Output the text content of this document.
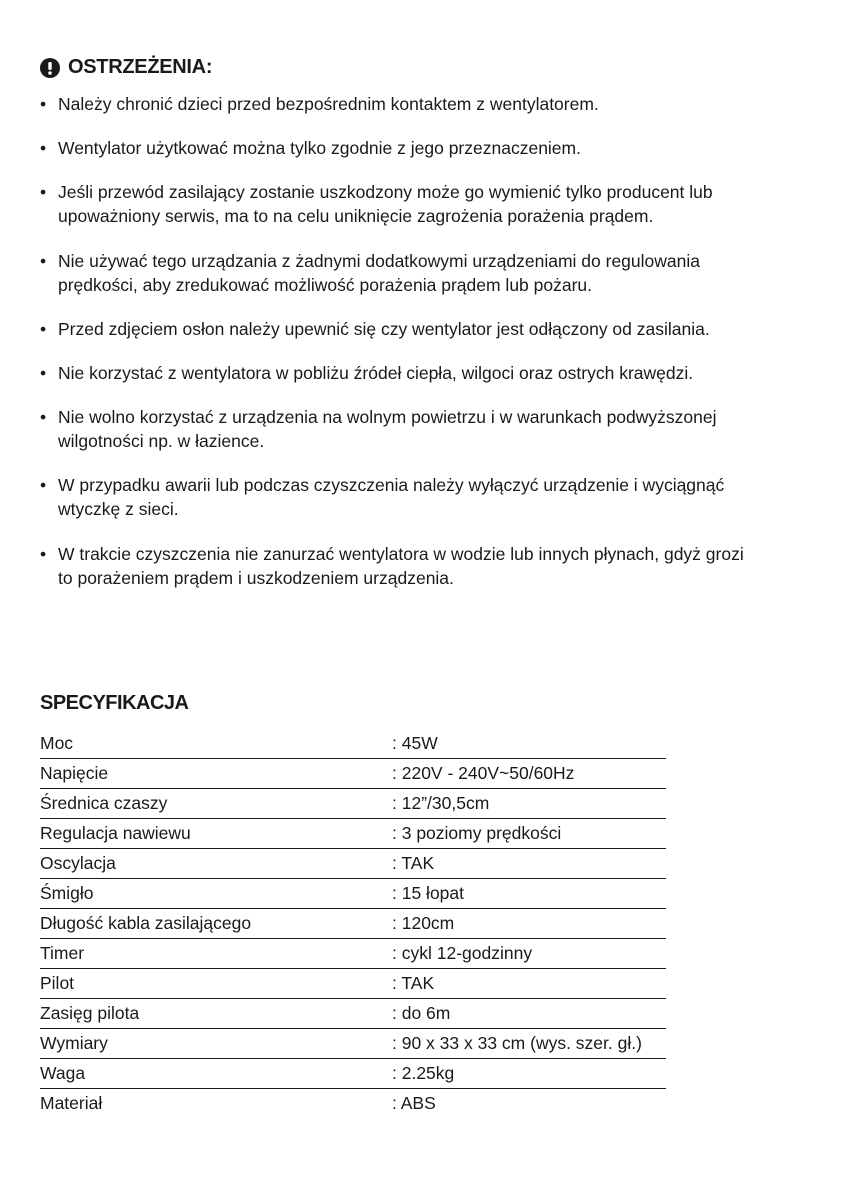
OSTRZEŻENIA:
• Należy chronić dzieci przed bezpośrednim kontaktem z wentylatorem.
• Wentylator użytkować można tylko zgodnie z jego przeznaczeniem.
• Jeśli przewód zasilający zostanie uszkodzony może go wymienić tylko producent lub
upoważniony serwis, ma to na celu uniknięcie zagrożenia porażenia prądem.
• Nie używać tego urządzania z żadnymi dodatkowymi urządzeniami do regulowania
prędkości, aby zredukować możliwość porażenia prądem lub pożaru.
• Przed zdjęciem osłon należy upewnić się czy wentylator jest odłączony od zasilania.
• Nie korzystać z wentylatora w pobliżu źródeł ciepła, wilgoci oraz ostrych krawędzi.
• Nie wolno korzystać z urządzenia na wolnym powietrzu i w warunkach podwyższonej
wilgotności np. w łazience.
• W przypadku awarii lub podczas czyszczenia należy wyłączyć urządzenie i wyciągnąć
wtyczkę z sieci.
• W trakcie czyszczenia nie zanurzać wentylatora w wodzie lub innych płynach, gdyż grozi
to porażeniem prądem i uszkodzeniem urządzenia.
SPECYFIKACJA
Moc	: 45W
Napięcie	: 220V - 240V~50/60Hz
Średnica czaszy	: 12”/30,5cm
Regulacja nawiewu	: 3 poziomy prędkości
Oscylacja	: TAK
Śmigło	: 15 łopat
Długość kabla zasilającego	: 120cm
Timer	: cykl 12-godzinny
Pilot	: TAK
Zasięg pilota	: do 6m
Wymiary	: 90 x 33 x 33 cm (wys. szer. gł.)
Waga	: 2.25kg
Materiał	: ABS
